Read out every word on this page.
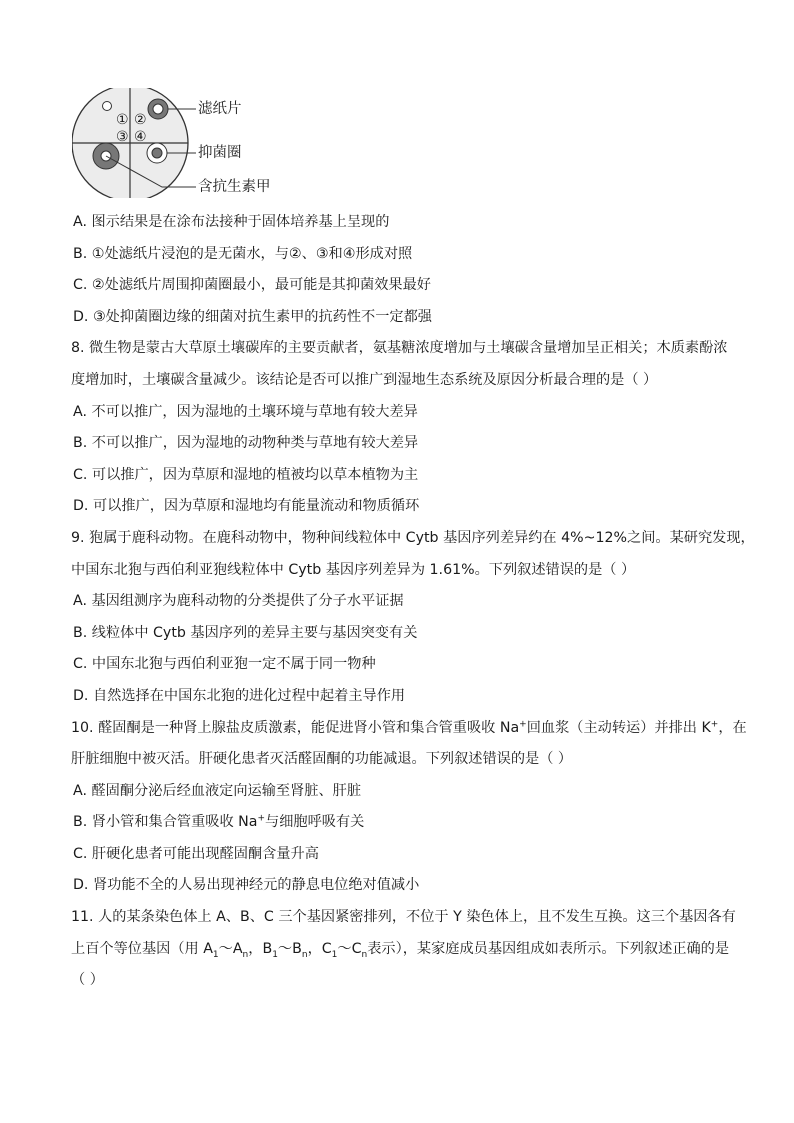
① ②
③ ④
滤纸片
抑菌圈
含抗生素甲
A. 图示结果是在涂布法接种于固体培养基上呈现的
B. ①处滤纸片浸泡的是无菌水，与②、③和④形成对照
C. ②处滤纸片周围抑菌圈最小，最可能是其抑菌效果最好
D. ③处抑菌圈边缘的细菌对抗生素甲的抗药性不一定都强
8. 微生物是蒙古大草原土壤碳库的主要贡献者，氨基糖浓度增加与土壤碳含量增加呈正相关；木质素酚浓
度增加时，土壤碳含量减少。该结论是否可以推广到湿地生态系统及原因分析最合理的是（ ）
A. 不可以推广，因为湿地的土壤环境与草地有较大差异
B. 不可以推广，因为湿地的动物种类与草地有较大差异
C. 可以推广，因为草原和湿地的植被均以草本植物为主
D. 可以推广，因为草原和湿地均有能量流动和物质循环
9. 狍属于鹿科动物。在鹿科动物中，物种间线粒体中 Cytb 基因序列差异约在 4%~12%之间。某研究发现，
中国东北狍与西伯利亚狍线粒体中 Cytb 基因序列差异为 1.61%。下列叙述错误的是（ ）
A. 基因组测序为鹿科动物的分类提供了分子水平证据
B. 线粒体中 Cytb 基因序列的差异主要与基因突变有关
C. 中国东北狍与西伯利亚狍一定不属于同一物种
D. 自然选择在中国东北狍的进化过程中起着主导作用
10. 醛固酮是一种肾上腺盐皮质激素，能促进肾小管和集合管重吸收 Na+回血浆（主动转运）并排出 K+，在
肝脏细胞中被灭活。肝硬化患者灭活醛固酮的功能减退。下列叙述错误的是（ ）
A. 醛固酮分泌后经血液定向运输至肾脏、肝脏
B. 肾小管和集合管重吸收 Na+与细胞呼吸有关
C. 肝硬化患者可能出现醛固酮含量升高
D. 肾功能不全的人易出现神经元的静息电位绝对值减小
11. 人的某条染色体上 A、B、C 三个基因紧密排列，不位于 Y 染色体上，且不发生互换。这三个基因各有
上百个等位基因（用 $A_1\sim A_n$，$B_1\sim B_n$，$C_1\sim C_n$表示），某家庭成员基因组成如表所示。下列叙述正确的是
（ ）
